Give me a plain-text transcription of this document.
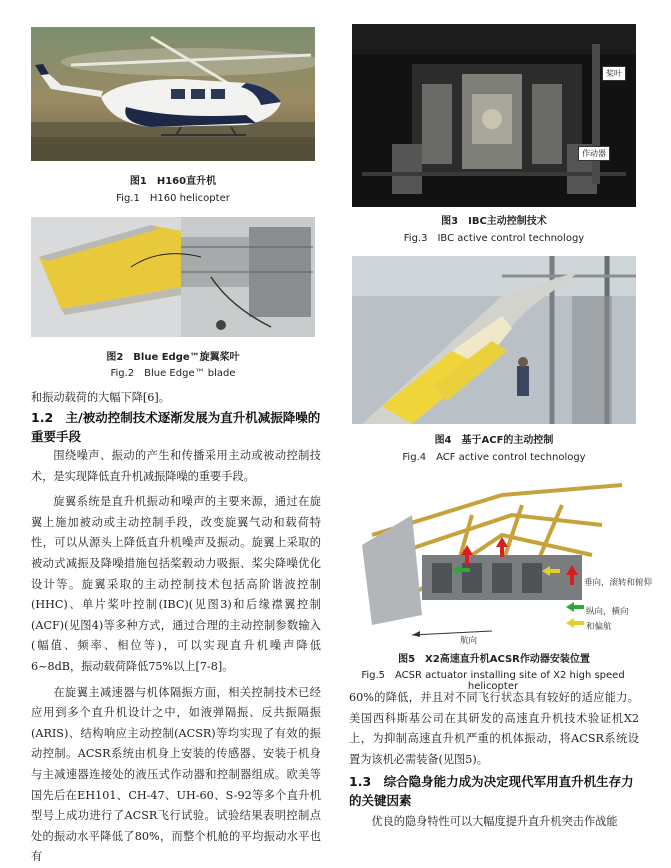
图1　H160直升机
Fig.1　H160 helicopter
图2　Blue Edge™旋翼桨叶
Fig.2　Blue Edge™ blade

和振动载荷的大幅下降[6]。

1.2　主/被动控制技术逐渐发展为直升机减振降噪的重要手段

围绕噪声、振动的产生和传播采用主动或被动控制技术，是实现降低直升机减振降噪的重要手段。

旋翼系统是直升机振动和噪声的主要来源，通过在旋翼上施加被动或主动控制手段，改变旋翼气动和载荷特性，可以从源头上降低直升机噪声及振动。旋翼上采取的被动式减振及降噪措施包括桨毂动力吸振、桨尖降噪优化设计等。旋翼采取的主动控制技术包括高阶谐波控制(HHC)、单片桨叶控制(IBC)(见图3)和后缘襟翼控制(ACF)(见图4)等多种方式，通过合理的主动控制参数输入(幅值、频率、相位等)，可以实现直升机噪声降低6~8dB，振动载荷降低75%以上[7-8]。

在旋翼主减速器与机体隔振方面，相关控制技术已经应用到多个直升机设计之中，如液弹隔振、反共振隔振(ARIS)、结构响应主动控制(ACSR)等均实现了有效的振动控制。ACSR系统由机身上安装的传感器、安装于机身与主减速器连接处的液压式作动器和控制器组成。欧美等国先后在EH101、CH-47、UH-60、S-92等多个直升机型号上成功进行了ACSR飞行试验。试验结果表明控制点处的振动水平降低了80%，而整个机舱的平均振动水平也有

桨叶
作动器
图3　IBC主动控制技术
Fig.3　IBC active control technology
图4　基于ACF的主动控制
Fig.4　ACF active control technology
垂向，滚转和俯仰
纵向，横向
和偏航
航向
图5　X2高速直升机ACSR作动器安装位置
Fig.5　ACSR actuator installing site of X2 high speed helicopter

60%的降低，并且对不同飞行状态具有较好的适应能力。美国西科斯基公司在其研发的高速直升机技术验证机X2上，为抑制高速直升机严重的机体振动，将ACSR系统设置为该机必需装备(见图5)。

1.3　综合隐身能力成为决定现代军用直升机生存力的关键因素

优良的隐身特性可以大幅度提升直升机突击作战能
